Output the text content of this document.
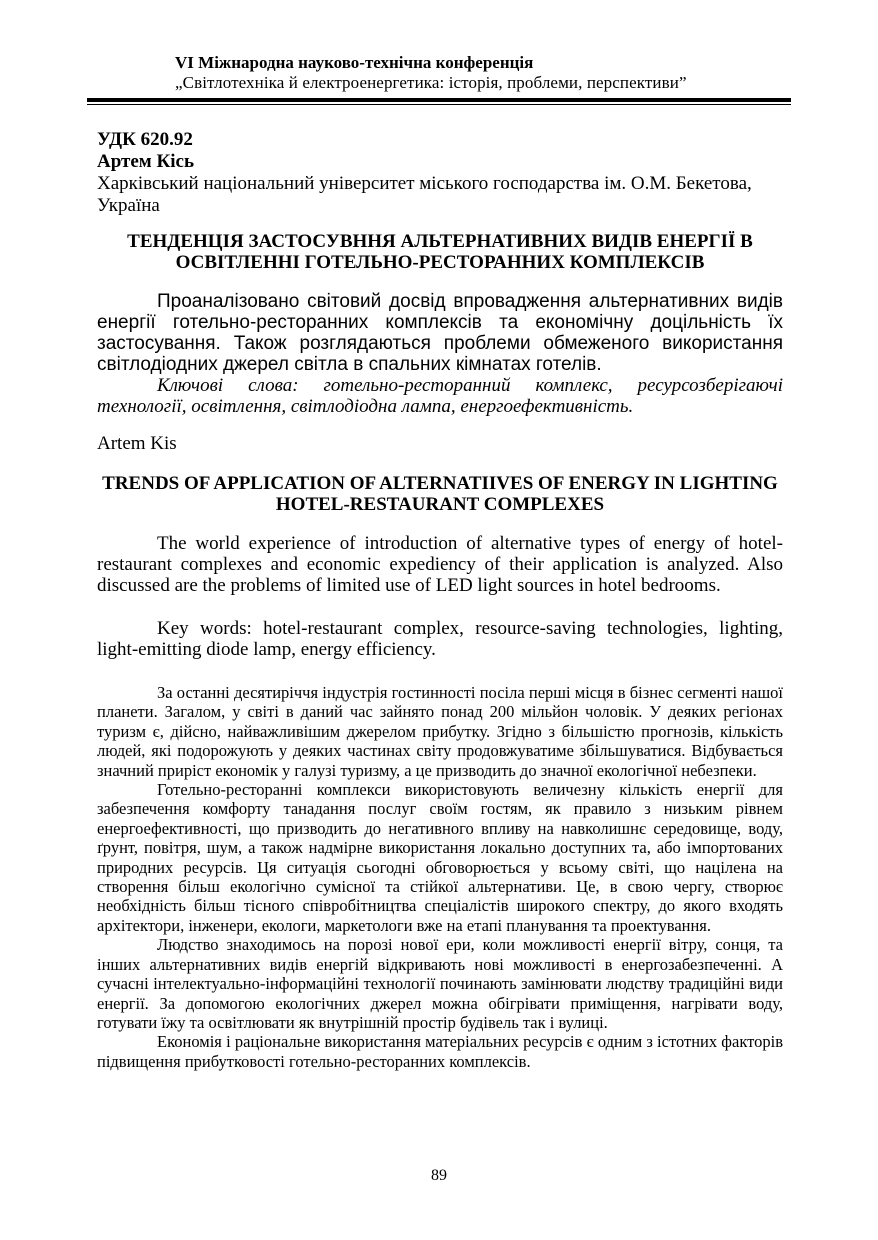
VI Міжнародна науково-технічна конференція
„Світлотехніка й електроенергетика: історія, проблеми, перспективи”
УДК 620.92
Артем Кісь
Харківський національний університет міського господарства ім. О.М. Бекетова, Україна
ТЕНДЕНЦІЯ ЗАСТОСУВННЯ АЛЬТЕРНАТИВНИХ ВИДІВ ЕНЕРГІЇ В ОСВІТЛЕННІ ГОТЕЛЬНО-РЕСТОРАННИХ КОМПЛЕКСІВ
Проаналізовано світовий досвід впровадження альтернативних видів енергії готельно-ресторанних комплексів та економічну доцільність їх застосування. Також розглядаються проблеми обмеженого використання світлодіодних джерел світла в спальних кімнатах готелів.
Ключові слова: готельно-ресторанний комплекс, ресурсозберігаючі технології, освітлення, світлодіодна лампа, енергоефективність.
Artem Kis
TRENDS OF APPLICATION OF ALTERNATIIVES OF ENERGY IN LIGHTING HOTEL-RESTAURANT COMPLEXES
The world experience of introduction of alternative types of energy of hotel-restaurant complexes and economic expediency of their application is analyzed. Also discussed are the problems of limited use of LED light sources in hotel bedrooms.
Key words: hotel-restaurant complex, resource-saving technologies, lighting, light-emitting diode lamp, energy efficiency.

За останні десятиріччя індустрія гостинності посіла перші місця в бізнес сегменті нашої планети. Загалом, у світі в даний час зайнято понад 200 мільйон чоловік. У деяких регіонах туризм є, дійсно, найважливішим джерелом прибутку. Згідно з більшістю прогнозів, кількість людей, які подорожують у деяких частинах світу продовжуватиме збільшуватися. Відбувається значний приріст економік у галузі туризму, а це призводить до значної екологічної небезпеки.

Готельно-ресторанні комплекси використовують величезну кількість енергії для забезпечення комфорту танадання послуг своїм гостям, як правило з низьким рівнем енергоефективності, що призводить до негативного впливу на навколишнє середовище, воду, ґрунт, повітря, шум, а також надмірне використання локально доступних та, або імпортованих природних ресурсів. Ця ситуація сьогодні обговорюється у всьому світі, що націлена на створення більш екологічно сумісної та стійкої альтернативи. Це, в свою чергу, створює необхідність більш тісного співробітництва спеціалістів широкого спектру, до якого входять архітектори, інженери, екологи, маркетологи вже на етапі планування та проектування.

Людство знаходимось на порозі нової ери, коли можливості енергії вітру, сонця, та інших альтернативних видів енергій відкривають нові можливості в енергозабезпеченні. А сучасні інтелектуально-інформаційні технології починають замінювати людству традиційні види енергії. За допомогою екологічних джерел можна обігрівати приміщення, нагрівати воду, готувати їжу та освітлювати як внутрішній простір будівель так і вулиці.

Економія і раціональне використання матеріальних ресурсів є одним з істотних факторів підвищення прибутковості готельно-ресторанних комплексів.

89
